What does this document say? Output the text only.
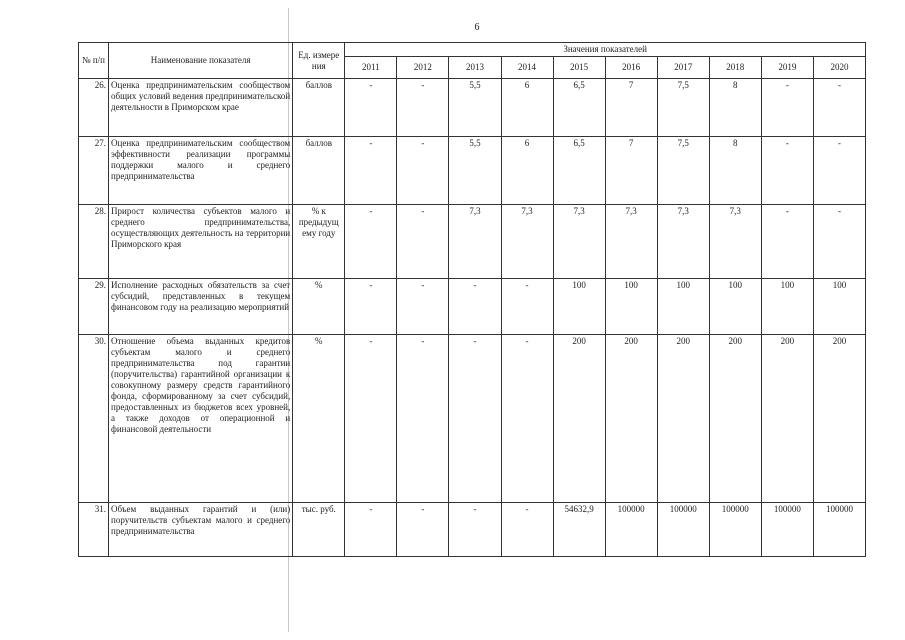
6
№ п/п	Наименование показателя	Ед. измере ния	Значения показателей									
			2011	2012	2013	2014	2015	2016	2017	2018	2019	2020
26.	Оценка предпринимательским сообществом общих условий ведения предпринимательской деятельности в Приморском крае	баллов	-	-	5,5	6	6,5	7	7,5	8	-	-
27.	Оценка предпринимательским сообществом эффективности реализации программы поддержки малого и среднего предпринимательства	баллов	-	-	5,5	6	6,5	7	7,5	8	-	-
28.	Прирост количества субъектов малого и среднего предпринимательства, осуществляющих деятельность на территории Приморского края	% к предыдущ ему году	-	-	7,3	7,3	7,3	7,3	7,3	7,3	-	-
29.	Исполнение расходных обязательств за счет субсидий, представленных в текущем финансовом году на реализацию мероприятий	%	-	-	-	-	100	100	100	100	100	100
30.	Отношение объема выданных кредитов субъектам малого и среднего предпринимательства под гарантии (поручительства) гарантийной организации к совокупному размеру средств гарантийного фонда, сформированному за счет субсидий, предоставленных из бюджетов всех уровней, а также доходов от операционной и финансовой деятельности	%	-	-	-	-	200	200	200	200	200	200
31.	Объем выданных гарантий и (или) поручительств субъектам малого и среднего предпринимательства	тыс. руб.	-	-	-	-	54632,9	100000	100000	100000	100000	100000
